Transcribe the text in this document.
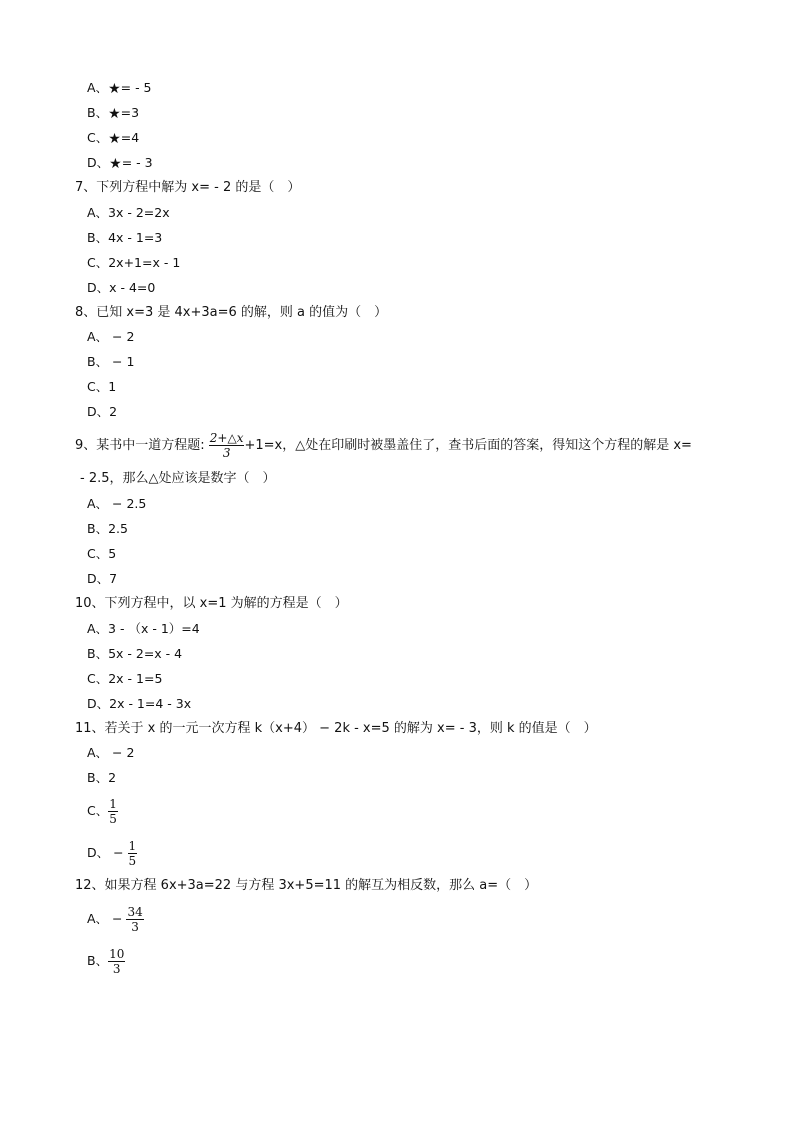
A、★= - 5
B、★=3
C、★=4
D、★= - 3
7、下列方程中解为 x= - 2 的是（　）
A、3x - 2=2x
B、4x - 1=3
C、2x+1=x - 1
D、x - 4=0
8、已知 x=3 是 4x+3a=6 的解，则 a 的值为（　）
A、 − 2
B、 − 1
C、1
D、2
9、某书中一道方程题: $\frac{2+\triangle x}{3} +1=x$，△处在印刷时被墨盖住了，查书后面的答案，得知这个方程的解是 x=
- 2.5，那么△处应该是数字（　）
A、 − 2.5
B、2.5
C、5
D、7
10、下列方程中，以 x=1 为解的方程是（　）
A、3 - （x - 1）=4
B、5x - 2=x - 4
C、2x - 1=5
D、2x - 1=4 - 3x
11、若关于 x 的一元一次方程 k（x+4） − 2k - x=5 的解为 x= - 3，则 k 的值是（　）
A、 − 2
B、2
C、 $\frac{1}{5}$
D、 − $\frac{1}{5}$
12、如果方程 6x+3a=22 与方程 3x+5=11 的解互为相反数，那么 a=（　）
A、 − $\frac{34}{3}$
B、 $\frac{10}{3}$
